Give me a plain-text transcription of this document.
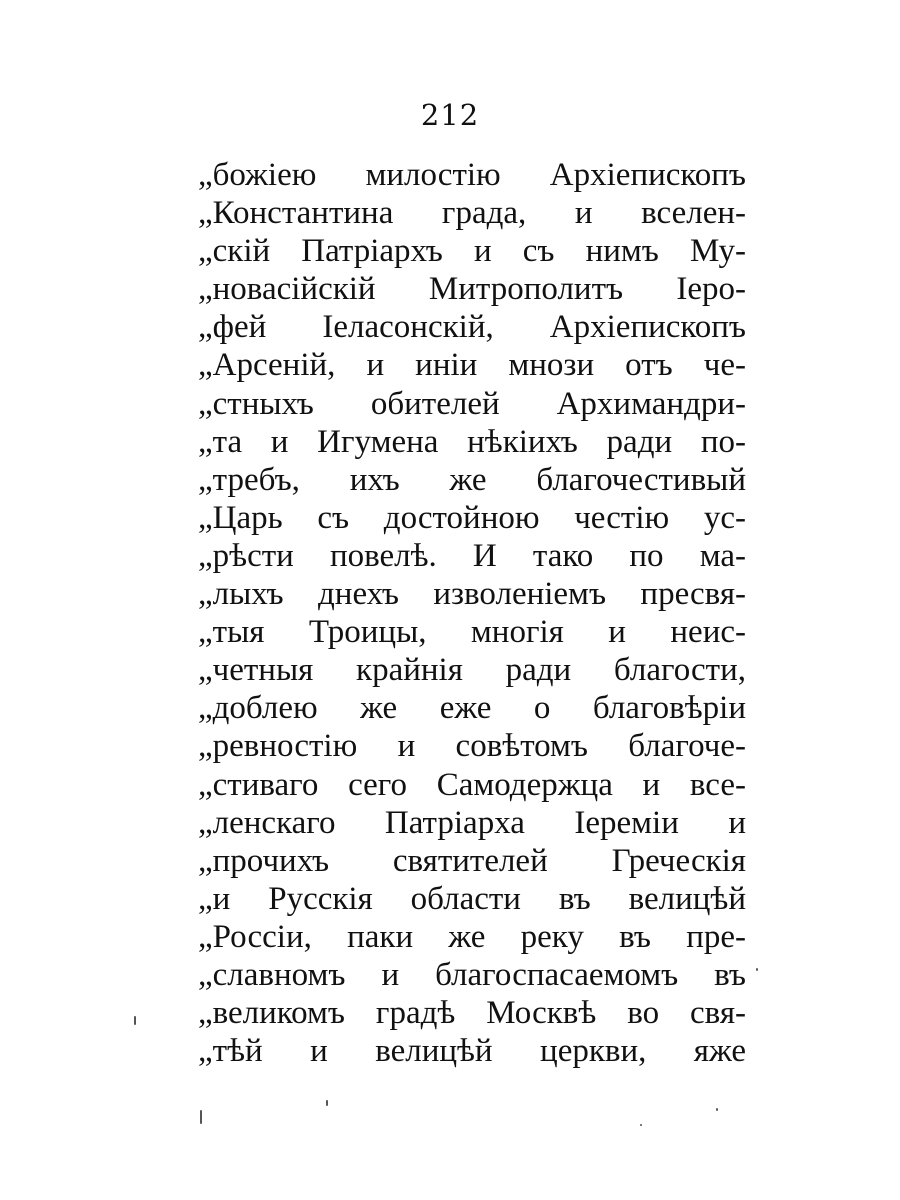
212
„божіею милостію Архіепископъ
„Константина града, и вселен-
„скій Патріархъ и съ нимъ Му-
„новасійскій Митрополитъ Іеро-
„фей Іеласонскій, Архіепископъ
„Арсеній, и иніи мнози отъ че-
„стныхъ обителей Архимандри-
„та и Игумена нѣкіихъ ради по-
„требъ, ихъ же благочестивый
„Царь съ достойною честію ус-
„рѣсти повелѣ. И тако по ма-
„лыхъ днехъ изволеніемъ пресвя-
„тыя Троицы, многія и неис-
„четныя крайнія ради благости,
„доблею же еже о благовѣріи
„ревностію и совѣтомъ благоче-
„стиваго сего Самодержца и все-
„ленскаго Патріарха Іереміи и
„прочихъ святителей Греческія
„и Русскія области въ велицѣй
„Россіи, паки же реку въ пре-
„славномъ и благоспасаемомъ въ
„великомъ градѣ Москвѣ во свя-
„тѣй и велицѣй церкви, яже
